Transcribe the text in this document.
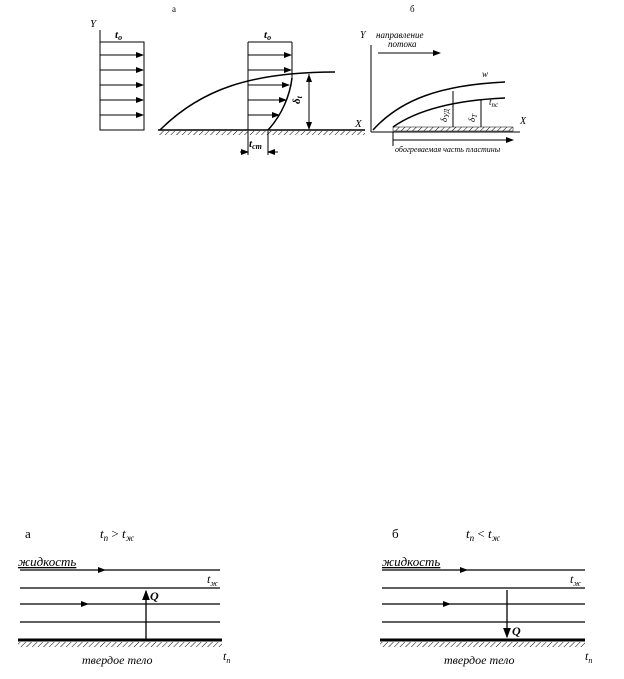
а
Y
to	to
δt
tст
X
б
Y
X
направление
потока
w
$t_{пс}$
$\delta_{УД}$
$\delta_Т$
обогреваемая часть пластины
а	$t_п > t_ж$
жидкость
$t_ж$
Q
твердое тело	$t_п$
б	$t_п < t_ж$
жидкость
$t_ж$
Q
твердое тело	$t_п$
